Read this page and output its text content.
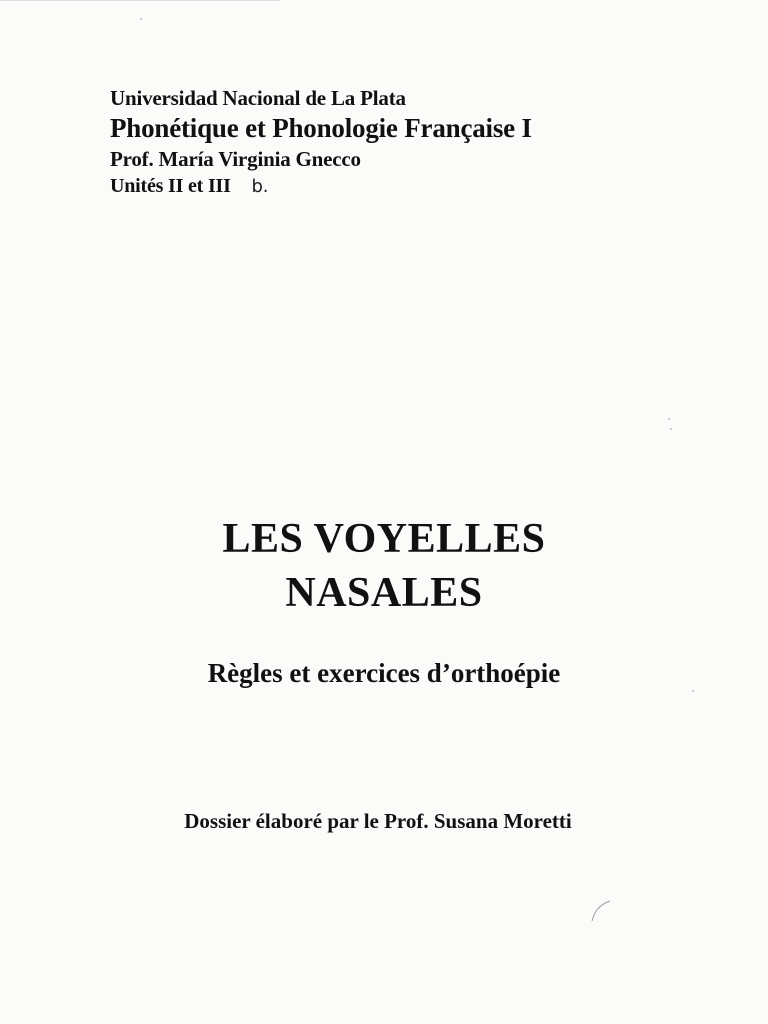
Universidad Nacional de La Plata
Phonétique et Phonologie Française I
Prof. María Virginia Gnecco
Unités II et III b.
LES VOYELLES
NASALES
Règles et exercices d’orthoépie
Dossier élaboré par le Prof. Susana Moretti
